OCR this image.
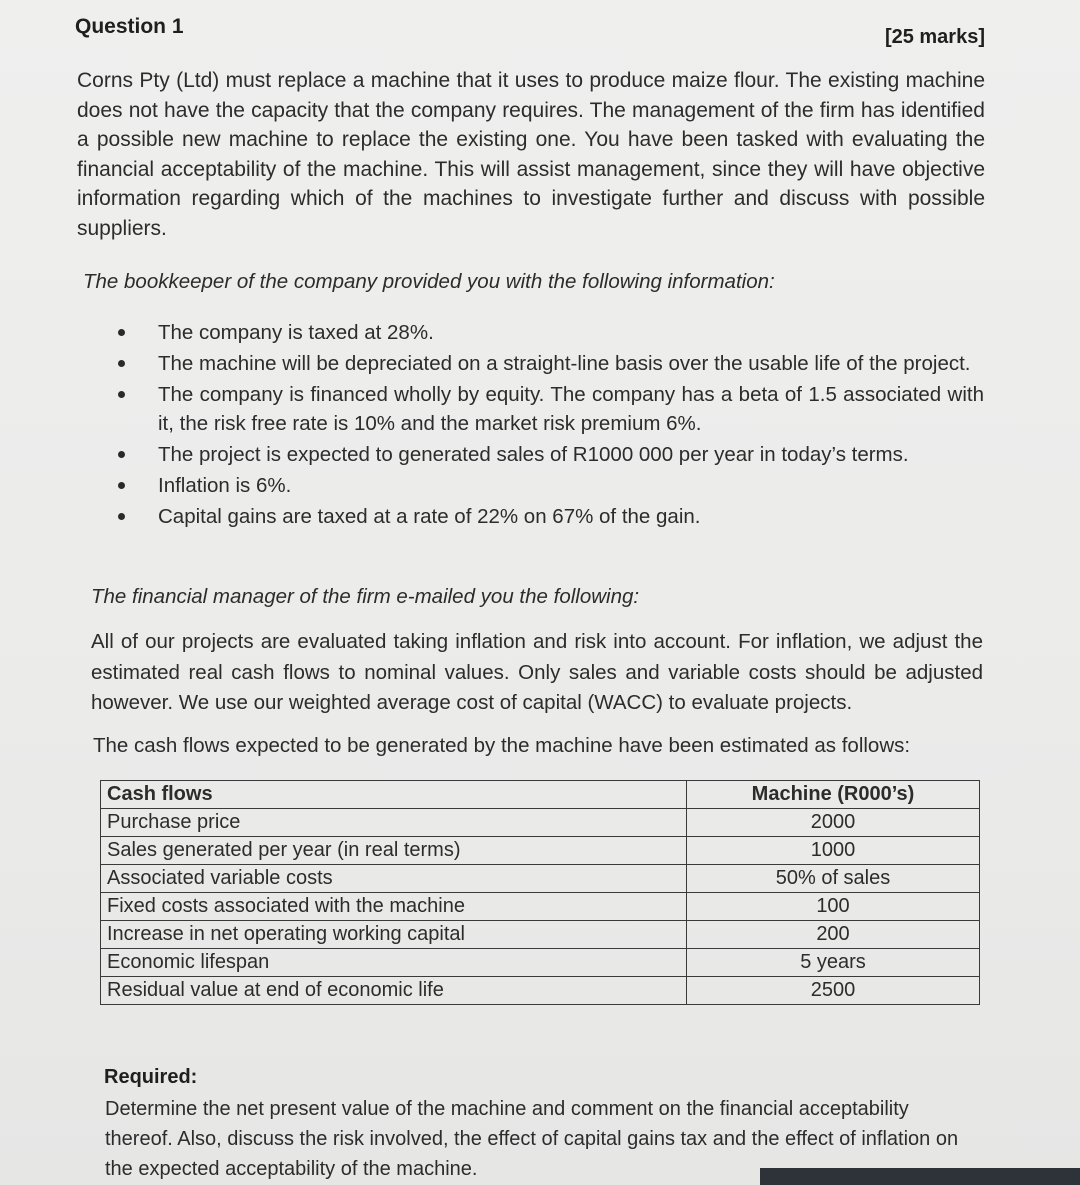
Question 1	[25 marks]
Corns Pty (Ltd) must replace a machine that it uses to produce maize flour. The existing machine does not have the capacity that the company requires. The management of the firm has identified a possible new machine to replace the existing one. You have been tasked with evaluating the financial acceptability of the machine. This will assist management, since they will have objective information regarding which of the machines to investigate further and discuss with possible suppliers.
The bookkeeper of the company provided you with the following information:
The company is taxed at 28%.
The machine will be depreciated on a straight-line basis over the usable life of the project.
The company is financed wholly by equity. The company has a beta of 1.5 associated with it, the risk free rate is 10% and the market risk premium 6%.
The project is expected to generated sales of R1000 000 per year in today’s terms.
Inflation is 6%.
Capital gains are taxed at a rate of 22% on 67% of the gain.
The financial manager of the firm e-mailed you the following:
All of our projects are evaluated taking inflation and risk into account. For inflation, we adjust the estimated real cash flows to nominal values. Only sales and variable costs should be adjusted however. We use our weighted average cost of capital (WACC) to evaluate projects.
The cash flows expected to be generated by the machine have been estimated as follows:
Cash flows	Machine (R000’s)
Purchase price	2000
Sales generated per year (in real terms)	1000
Associated variable costs	50% of sales
Fixed costs associated with the machine	100
Increase in net operating working capital	200
Economic lifespan	5 years
Residual value at end of economic life	2500
Required:
Determine the net present value of the machine and comment on the financial acceptability thereof. Also, discuss the risk involved, the effect of capital gains tax and the effect of inflation on the expected acceptability of the machine.
